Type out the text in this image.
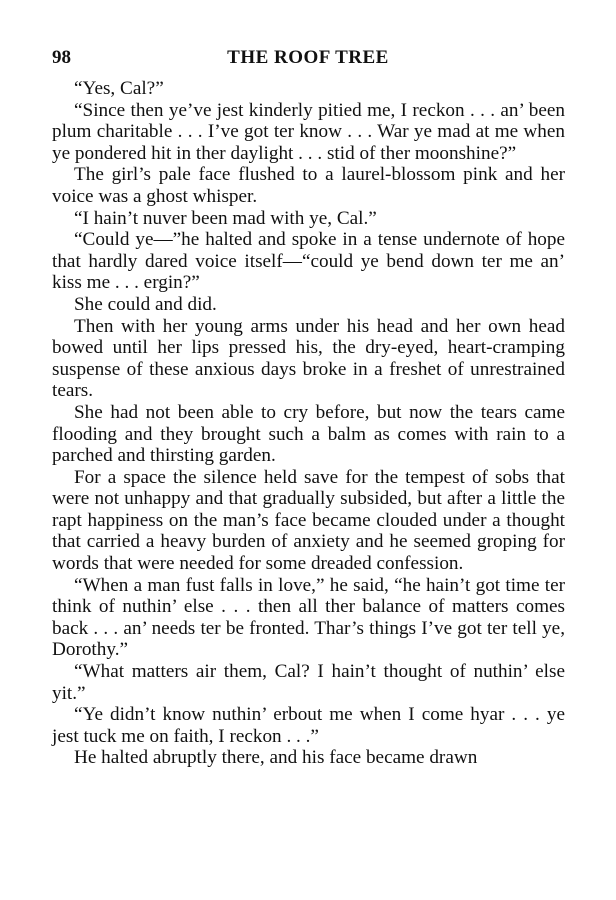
98	THE ROOF TREE

“Yes, Cal?”

“Since then ye’ve jest kinderly pitied me, I reckon . . . an’ been plum charitable . . . I’ve got ter know . . . War ye mad at me when ye pondered hit in ther daylight . . . stid of ther moonshine?”

The girl’s pale face flushed to a laurel-blossom pink and her voice was a ghost whisper.

“I hain’t nuver been mad with ye, Cal.”

“Could ye—”he halted and spoke in a tense undernote of hope that hardly dared voice itself—“could ye bend down ter me an’ kiss me . . . ergin?”

She could and did.

Then with her young arms under his head and her own head bowed until her lips pressed his, the dry-eyed, heart-cramping suspense of these anxious days broke in a freshet of unrestrained tears.

She had not been able to cry before, but now the tears came flooding and they brought such a balm as comes with rain to a parched and thirsting garden.

For a space the silence held save for the tempest of sobs that were not unhappy and that gradually subsided, but after a little the rapt happiness on the man’s face became clouded under a thought that carried a heavy burden of anxiety and he seemed groping for words that were needed for some dreaded confession.

“When a man fust falls in love,” he said, “he hain’t got time ter think of nuthin’ else . . . then all ther balance of matters comes back . . . an’ needs ter be fronted. Thar’s things I’ve got ter tell ye, Dorothy.”

“What matters air them, Cal? I hain’t thought of nuthin’ else yit.”

“Ye didn’t know nuthin’ erbout me when I come hyar . . . ye jest tuck me on faith, I reckon . . .”

He halted abruptly there, and his face became drawn
